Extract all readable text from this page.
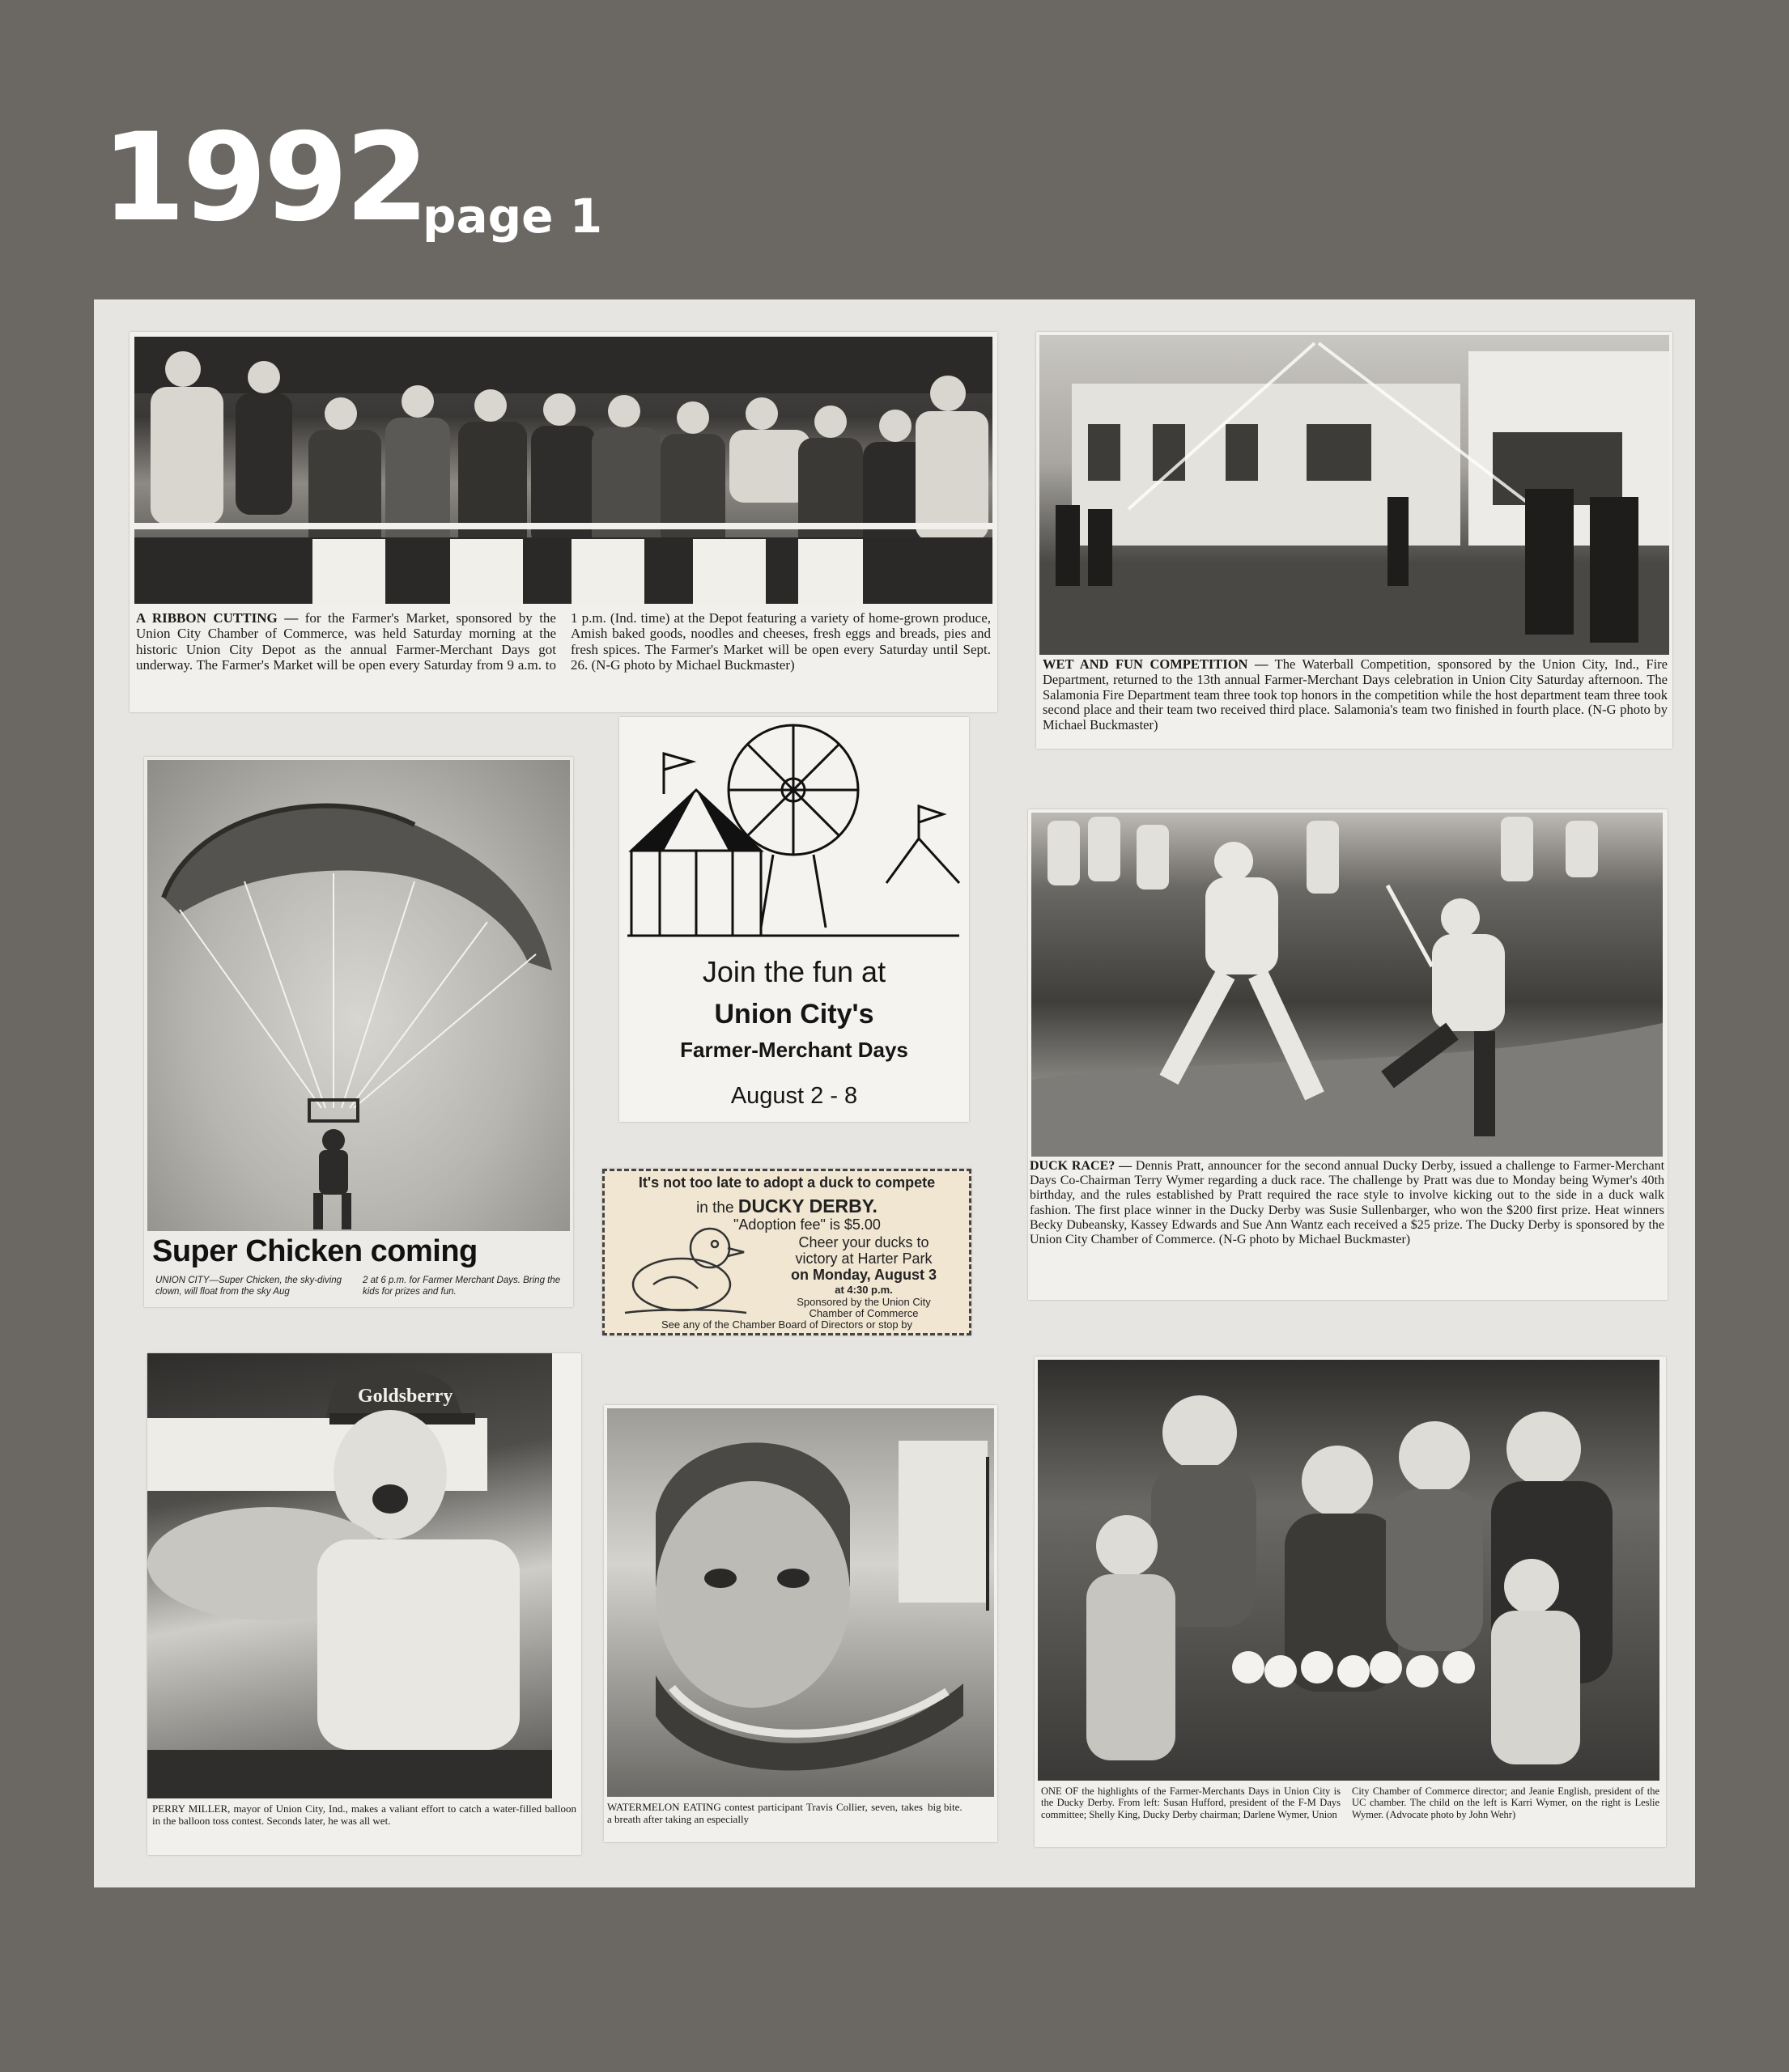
1992
page 1
A RIBBON CUTTING — for the Farmer's Market, sponsored by the Union City Chamber of Commerce, was held Saturday morning at the historic Union City Depot as the annual Farmer-Merchant Days got underway. The Farmer's Market will be open every Saturday from 9 a.m. to 1 p.m. (Ind. time) at the Depot featuring a variety of home-grown produce, Amish baked goods, noodles and cheeses, fresh eggs and breads, pies and fresh spices. The Farmer's Market will be open every Saturday until Sept. 26. (N-G photo by Michael Buckmaster)	WET AND FUN COMPETITION — The Waterball Competition, sponsored by the Union City, Ind., Fire Department, returned to the 13th annual Farmer-Merchant Days celebration in Union City Saturday afternoon. The Salamonia Fire Department team three took top honors in the competition while the host department team three took second place and their team two received third place. Salamonia's team two finished in fourth place. (N-G photo by Michael Buckmaster)
Super Chicken coming
UNION CITY—Super Chicken, the sky-diving clown, will float from the sky Aug
2 at 6 p.m. for Farmer Merchant Days. Bring the kids for prizes and fun.
Join the fun at
Union City's
Farmer-Merchant Days
August 2 - 8
It's not too late to adopt a duck to compete
in the DUCKY DERBY.
"Adoption fee" is $5.00
Cheer your ducks to
victory at Harter Park
on Monday, August 3
at 4:30 p.m.
Sponsored by the Union City
Chamber of Commerce
See any of the Chamber Board of Directors or stop by
DUCK RACE? — Dennis Pratt, announcer for the second annual Ducky Derby, issued a challenge to Farmer-Merchant Days Co-Chairman Terry Wymer regarding a duck race. The challenge by Pratt was due to Monday being Wymer's 40th birthday, and the rules established by Pratt required the race style to involve kicking out to the side in a duck walk fashion. The first place winner in the Ducky Derby was Susie Sullenbarger, who won the $200 first prize. Heat winners Becky Dubeansky, Kassey Edwards and Sue Ann Wantz each received a $25 prize. The Ducky Derby is sponsored by the Union City Chamber of Commerce. (N-G photo by Michael Buckmaster)
Goldsberry
PERRY MILLER, mayor of Union City, Ind., makes a valiant effort to catch a water-filled balloon in the balloon toss contest. Seconds later, he was all wet.
WATERMELON EATING contest participant Travis Collier, seven, takes a breath after taking an especially
big bite.
ONE OF the highlights of the Farmer-Merchants Days in Union City is the Ducky Derby. From left: Susan Hufford, president of the F-M Days committee; Shelly King, Ducky Derby chairman; Darlene Wymer, Union
City Chamber of Commerce director; and Jeanie English, president of the UC chamber. The child on the left is Karri Wymer, on the right is Leslie Wymer. (Advocate photo by John Wehr)
